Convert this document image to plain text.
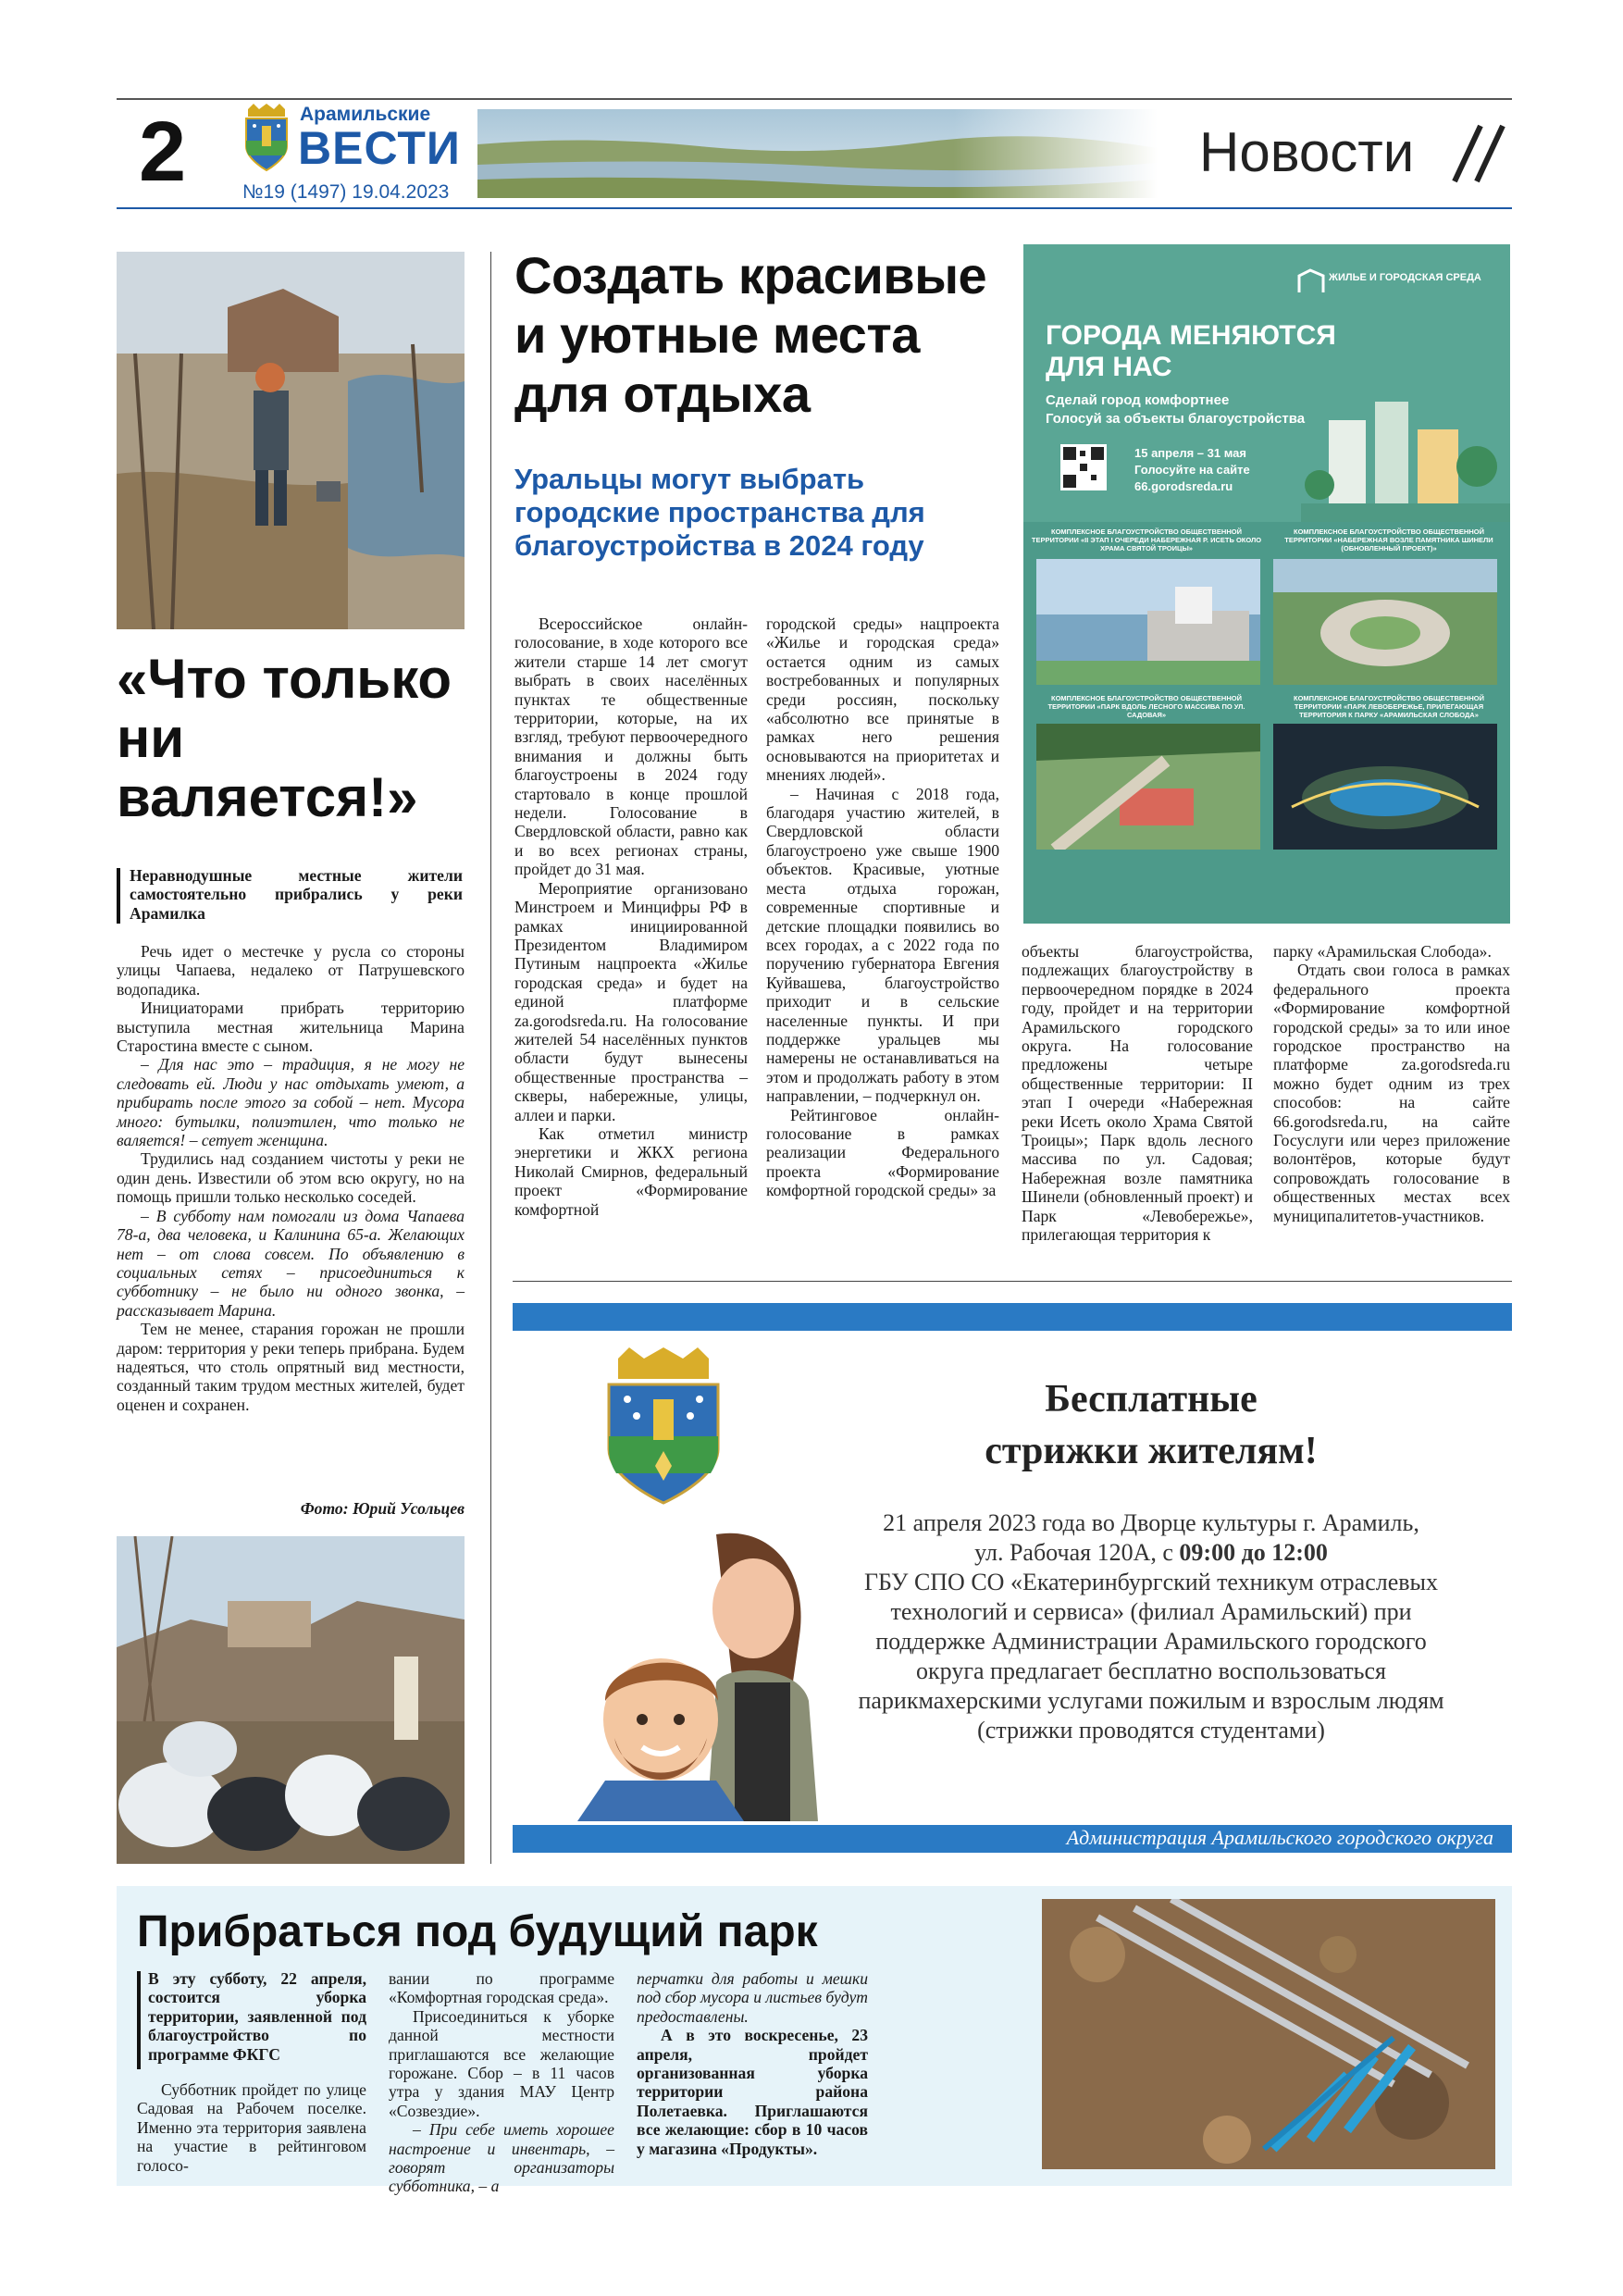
2	Арамильские
ВЕСТИ
№19 (1497) 19.04.2023
Новости
«Что только ни валяется!»
Неравнодушные местные жители самостоятельно прибрались у реки Арамилка

Речь идет о местечке у русла со стороны улицы Чапаева, недалеко от Патрушевского водопадика.

Инициаторами прибрать территорию выступила местная жительница Марина Старостина вместе с сыном.

– Для нас это – традиция, я не могу не следовать ей. Люди у нас отдыхать умеют, а прибирать после этого за собой – нет. Мусора много: бутылки, полиэтилен, что только не валяется! – сетует женщина.

Трудились над созданием чистоты у реки не один день. Известили об этом всю округу, но на помощь пришли только несколько соседей.

– В субботу нам помогали из дома Чапаева 78-а, два человека, и Калинина 65-а. Желающих нет – от слова совсем. По объявлению в социальных сетях – присоединиться к субботнику – не было ни одного звонка, – рассказывает Марина.

Тем не менее, старания горожан не прошли даром: территория у реки теперь прибрана. Будем надеяться, что столь опрятный вид местности, созданный таким трудом местных жителей, будет оценен и сохранен.

Фото: Юрий Усольцев
Создать красивые и уютные места для отдыха
Уральцы могут выбрать городские пространства для благоустройства в 2024 году

Всероссийское онлайн-голосование, в ходе которого все жители старше 14 лет смогут выбрать в своих населённых пунктах те общественные территории, которые, на их взгляд, требуют первоочередного внимания и должны быть благоустроены в 2024 году стартовало в конце прошлой недели. Голосование в Свердловской области, равно как и во всех регионах страны, пройдет до 31 мая.

Мероприятие организовано Минстроем и Минцифры РФ в рамках инициированной Президентом Владимиром Путиным нацпроекта «Жилье городская среда» и будет на единой платформе za.gorodsreda.ru. На голосование жителей 54 населённых пунктов области будут вынесены общественные пространства – скверы, набережные, улицы, аллеи и парки.

Как отметил министр энергетики и ЖКХ региона Николай Смирнов, федеральный проект «Формирование комфортной

городской среды» нацпроекта «Жилье и городская среда» остается одним из самых востребованных и популярных среди россиян, поскольку «абсолютно все принятые в рамках него решения основываются на приоритетах и мнениях людей».

– Начиная с 2018 года, благодаря участию жителей, в Свердловской области благоустроено уже свыше 1900 объектов. Красивые, уютные места отдыха горожан, современные спортивные и детские площадки появились во всех городах, а с 2022 года по поручению губернатора Евгения Куйвашева, благоустройство приходит и в сельские населенные пункты. И при поддержке уральцев мы намерены не останавливаться на этом и продолжать работу в этом направлении, – подчеркнул он.

Рейтинговое онлайн-голосование в рамках реализации Федерального проекта «Формирование комфортной городской среды» за

объекты благоустройства, подлежащих благоустройству в первоочередном порядке в 2024 году, пройдет и на территории Арамильского городского округа. На голосование предложены четыре общественные территории: II этап I очереди «Набережная реки Исеть около Храма Святой Троицы»; Парк вдоль лесного массива по ул. Садовая; Набережная возле памятника Шинели (обновленный проект) и Парк «Левобережье», прилегающая территория к

парку «Арамильская Слобода».

Отдать свои голоса в рамках федерального проекта «Формирование комфортной городской среды» за то или иное городское пространство на платформе za.gorodsreda.ru можно будет одним из трех способов: на сайте 66.gorodsreda.ru, на сайте Госуслуги или через приложение волонтёров, которые будут сопровождать голосование в общественных местах всех муниципалитетов-участников.

ЖИЛЬЕ И ГОРОДСКАЯ СРЕДА
ГОРОДА МЕНЯЮТСЯ ДЛЯ НАС
Сделай город комфортнее
Голосуй за объекты благоустройства
15 апреля – 31 мая
Голосуйте на сайте
66.gorodsreda.ru
КОМПЛЕКСНОЕ БЛАГОУСТРОЙСТВО ОБЩЕСТВЕННОЙ ТЕРРИТОРИИ «II ЭТАП I ОЧЕРЕДИ НАБЕРЕЖНАЯ Р. ИСЕТЬ ОКОЛО ХРАМА СВЯТОЙ ТРОИЦЫ»
КОМПЛЕКСНОЕ БЛАГОУСТРОЙСТВО ОБЩЕСТВЕННОЙ ТЕРРИТОРИИ «НАБЕРЕЖНАЯ ВОЗЛЕ ПАМЯТНИКА ШИНЕЛИ (ОБНОВЛЕННЫЙ ПРОЕКТ)»
КОМПЛЕКСНОЕ БЛАГОУСТРОЙСТВО ОБЩЕСТВЕННОЙ ТЕРРИТОРИИ «ПАРК ВДОЛЬ ЛЕСНОГО МАССИВА ПО УЛ. САДОВАЯ»
КОМПЛЕКСНОЕ БЛАГОУСТРОЙСТВО ОБЩЕСТВЕННОЙ ТЕРРИТОРИИ «ПАРК ЛЕВОБЕРЕЖЬЕ, ПРИЛЕГАЮЩАЯ ТЕРРИТОРИЯ К ПАРКУ «АРАМИЛЬСКАЯ СЛОБОДА»
Бесплатные
стрижки жителям!
21 апреля 2023 года во Дворце культуры г. Арамиль,
ул. Рабочая 120А, с 09:00 до 12:00
ГБУ СПО СО «Екатеринбургский техникум отраслевых
технологий и сервиса» (филиал Арамильский) при
поддержке Администрации Арамильского городского
округа предлагает бесплатно воспользоваться
парикмахерскими услугами пожилым и взрослым людям
(стрижки проводятся студентами)
Администрация Арамильского городского округа
Прибраться под будущий парк
В эту субботу, 22 апреля, состоится уборка территории, заявленной под благоустройство по программе ФКГС

Субботник пройдет по улице Садовая на Рабочем поселке. Именно эта территория заявлена на участие в рейтинговом голосо-

вании по программе «Комфортная городская среда».

Присоединиться к уборке данной местности приглашаются все желающие горожане. Сбор – в 11 часов утра у здания МАУ Центр «Созвездие».

– При себе иметь хорошее настроение и инвентарь, – говорят организаторы субботника, – а

перчатки для работы и мешки под сбор мусора и листьев будут предоставлены.

А в это воскресенье, 23 апреля, пройдет организованная уборка территории района Полетаевка. Приглашаются все желающие: сбор в 10 часов у магазина «Продукты».
